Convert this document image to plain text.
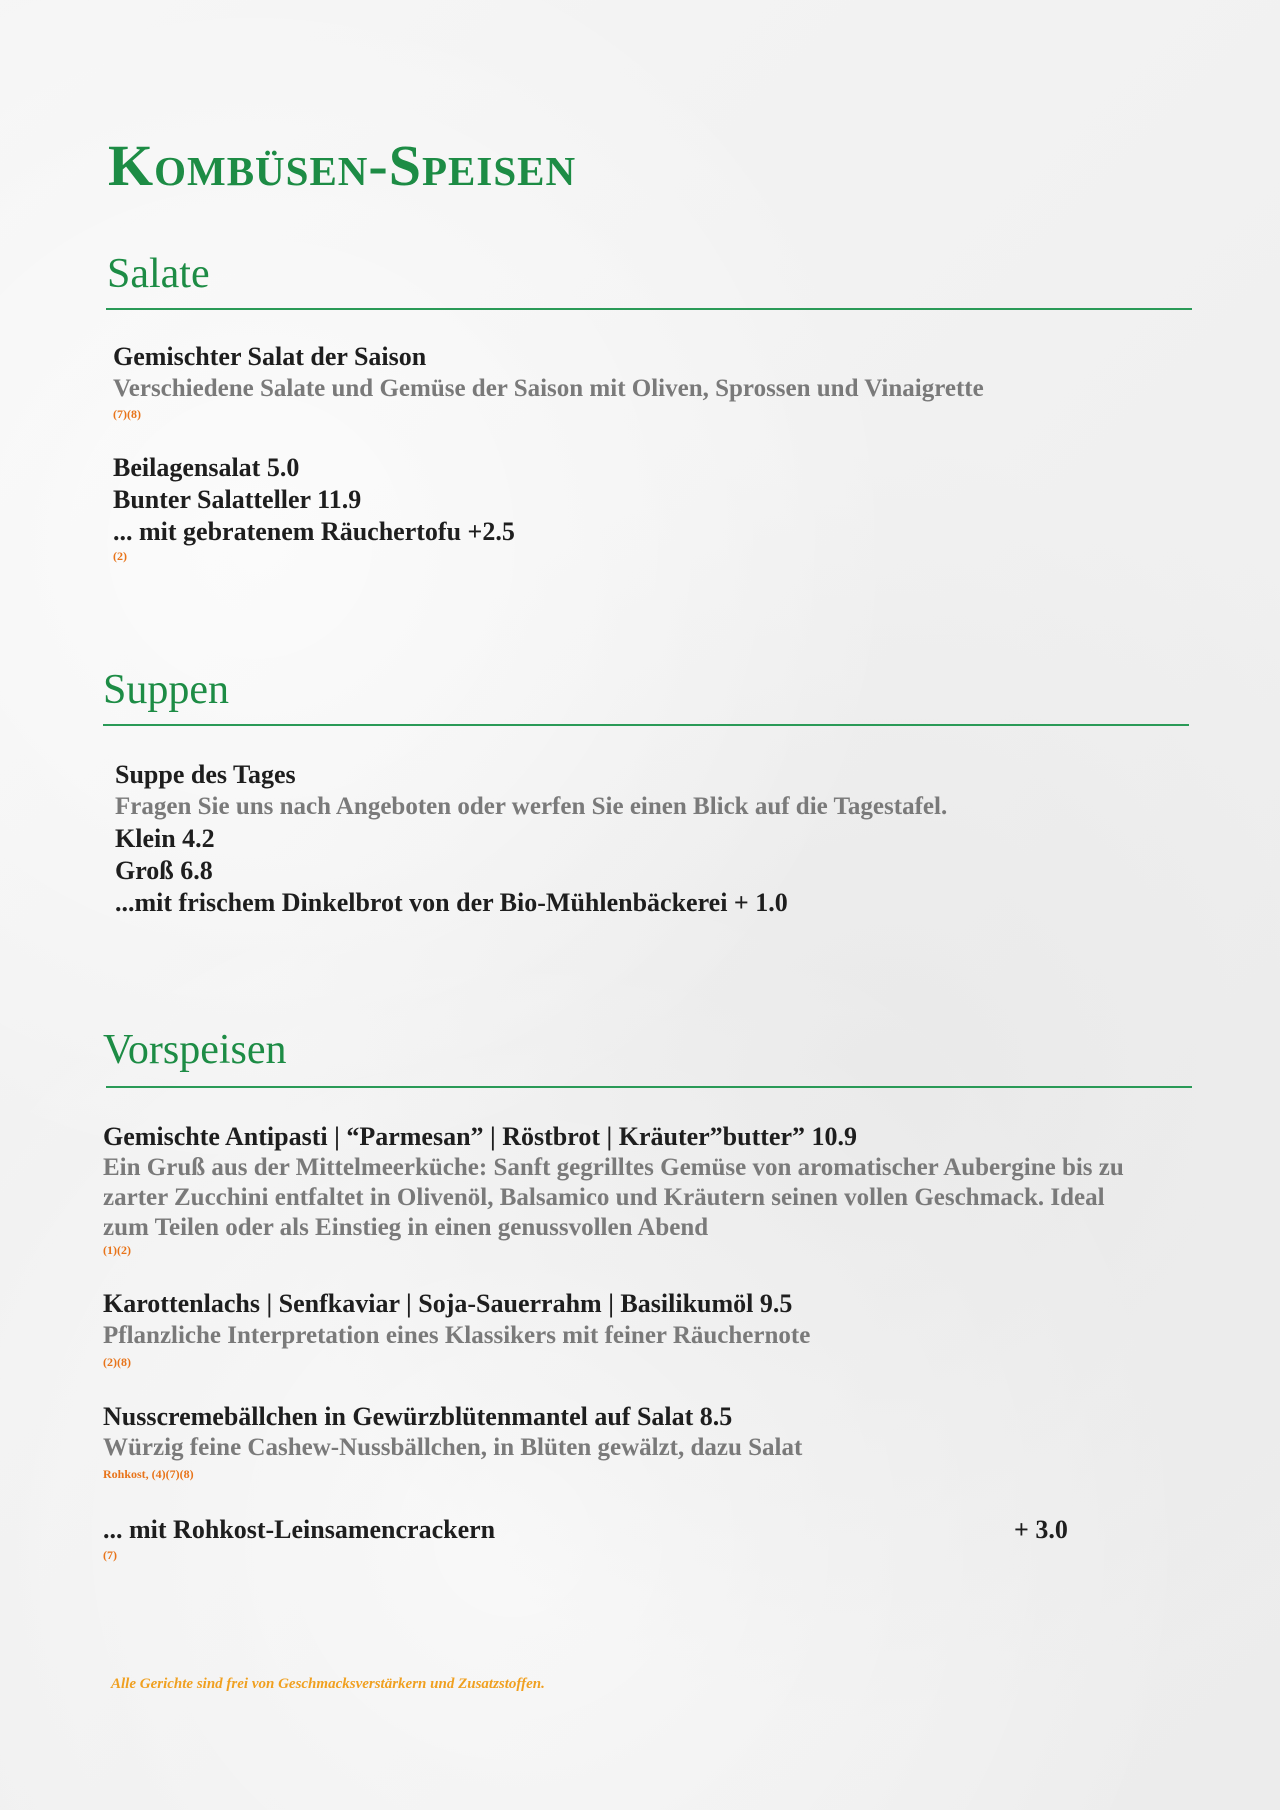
Kombüsen-Speisen
Salate
Gemischter Salat der Saison
Verschiedene Salate und Gemüse der Saison mit Oliven, Sprossen und Vinaigrette
(7)(8)
Beilagensalat 5.0
Bunter Salatteller 11.9
... mit gebratenem Räuchertofu +2.5
(2)
Suppen
Suppe des Tages
Fragen Sie uns nach Angeboten oder werfen Sie einen Blick auf die Tagestafel.
Klein 4.2
Groß 6.8
...mit frischem Dinkelbrot von der Bio-Mühlenbäckerei + 1.0
Vorspeisen
Gemischte Antipasti | “Parmesan” | Röstbrot | Kräuter”butter” 10.9
Ein Gruß aus der Mittelmeerküche: Sanft gegrilltes Gemüse von aromatischer Aubergine bis zu zarter Zucchini entfaltet in Olivenöl, Balsamico und Kräutern seinen vollen Geschmack. Ideal zum Teilen oder als Einstieg in einen genussvollen Abend
(1)(2)
Karottenlachs | Senfkaviar | Soja-Sauerrahm | Basilikumöl 9.5
Pflanzliche Interpretation eines Klassikers mit feiner Räuchernote
(2)(8)
Nusscremebällchen in Gewürzblütenmantel auf Salat 8.5
Würzig feine Cashew-Nussbällchen, in Blüten gewälzt, dazu Salat
Rohkost, (4)(7)(8)
... mit Rohkost-Leinsamencrackern	+ 3.0
(7)
Alle Gerichte sind frei von Geschmacksverstärkern und Zusatzstoffen.
